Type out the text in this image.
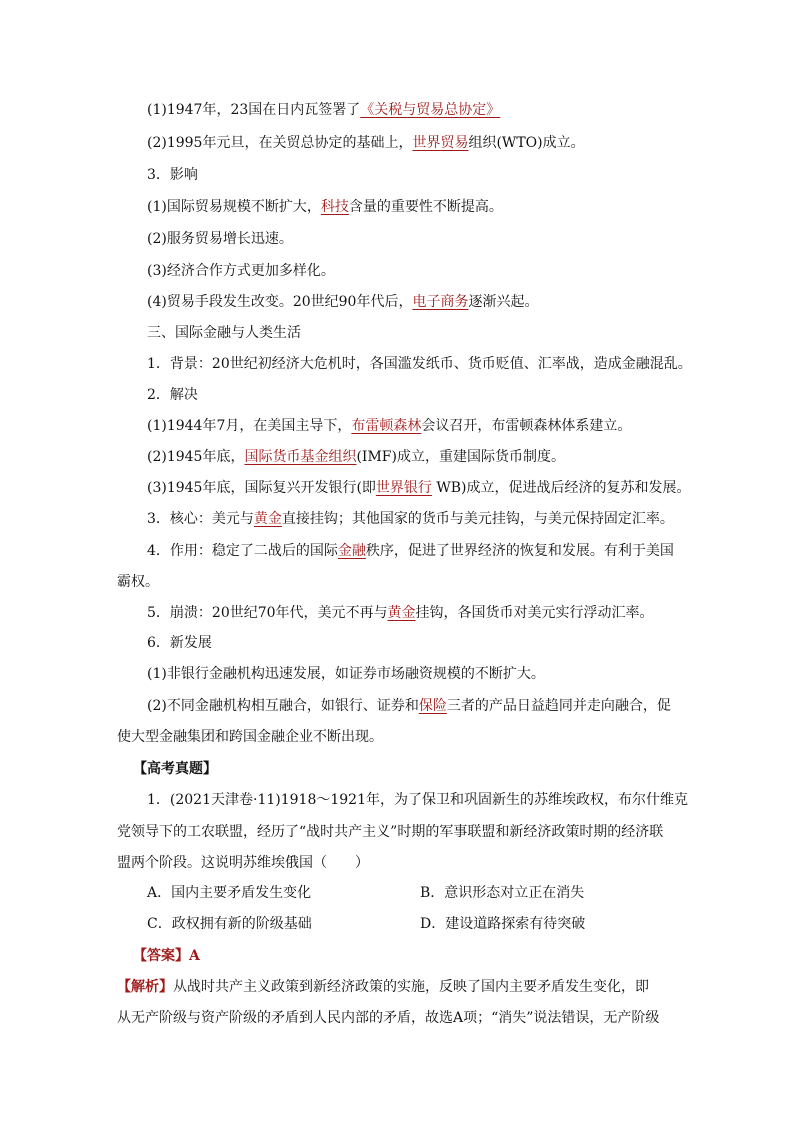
(1)1947年，23国在日内瓦签署了《关税与贸易总协定》
(2)1995年元旦，在关贸总协定的基础上，世界贸易组织(WTO)成立。
3．影响
(1)国际贸易规模不断扩大，科技含量的重要性不断提高。
(2)服务贸易增长迅速。
(3)经济合作方式更加多样化。
(4)贸易手段发生改变。20世纪90年代后，电子商务逐渐兴起。
三、国际金融与人类生活
1．背景：20世纪初经济大危机时，各国滥发纸币、货币贬值、汇率战，造成金融混乱。
2．解决
(1)1944年7月，在美国主导下，布雷顿森林会议召开，布雷顿森林体系建立。
(2)1945年底，国际货币基金组织(IMF)成立，重建国际货币制度。
(3)1945年底，国际复兴开发银行(即世界银行 WB)成立，促进战后经济的复苏和发展。
3．核心：美元与黄金直接挂钩；其他国家的货币与美元挂钩，与美元保持固定汇率。
4．作用：稳定了二战后的国际金融秩序，促进了世界经济的恢复和发展。有利于美国
霸权。
5．崩溃：20世纪70年代，美元不再与黄金挂钩，各国货币对美元实行浮动汇率。
6．新发展
(1)非银行金融机构迅速发展，如证券市场融资规模的不断扩大。
(2)不同金融机构相互融合，如银行、证券和保险三者的产品日益趋同并走向融合，促
使大型金融集团和跨国金融企业不断出现。
【高考真题】
1．(2021天津卷·11)1918～1921年，为了保卫和巩固新生的苏维埃政权，布尔什维克
党领导下的工农联盟，经历了“战时共产主义”时期的军事联盟和新经济政策时期的经济联
盟两个阶段。这说明苏维埃俄国（　　）
A．国内主要矛盾发生变化	B．意识形态对立正在消失
C．政权拥有新的阶级基础	D．建设道路探索有待突破
【答案】A
【解析】从战时共产主义政策到新经济政策的实施，反映了国内主要矛盾发生变化，即
从无产阶级与资产阶级的矛盾到人民内部的矛盾，故选A项；“消失”说法错误，无产阶级
